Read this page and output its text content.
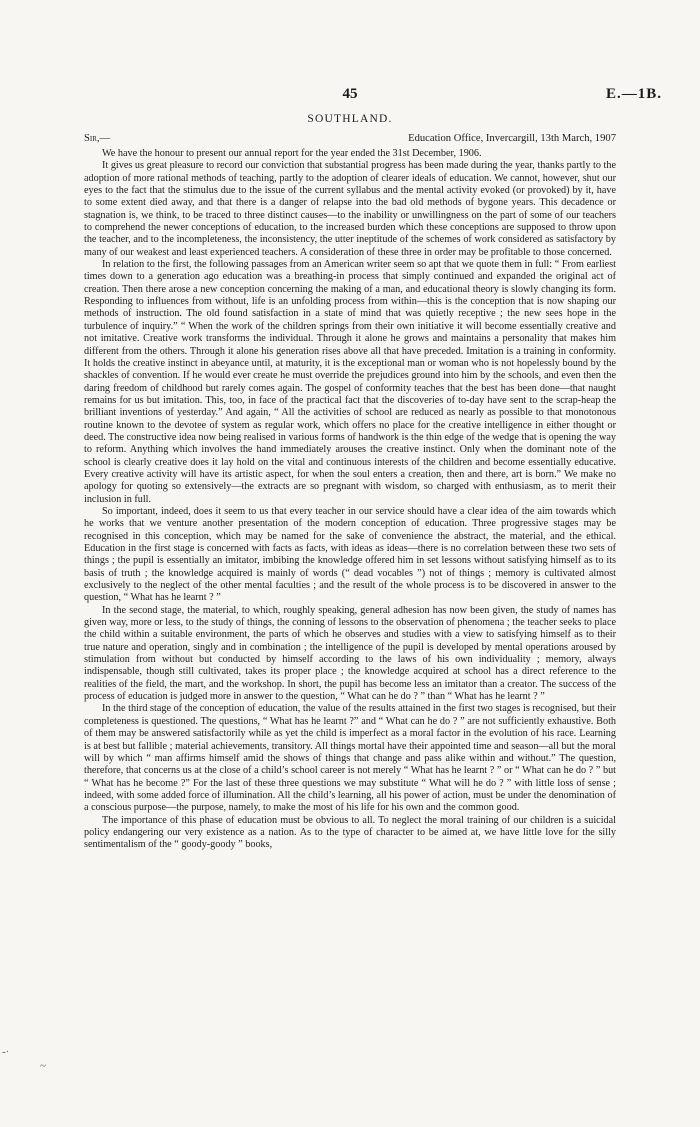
45	E.—1B.
SOUTHLAND.
Sir,—	Education Office, Invercargill, 13th March, 1907

We have the honour to present our annual report for the year ended the 31st December, 1906.

It gives us great pleasure to record our conviction that substantial progress has been made during the year, thanks partly to the adoption of more rational methods of teaching, partly to the adoption of clearer ideals of education. We cannot, however, shut our eyes to the fact that the stimulus due to the issue of the current syllabus and the mental activity evoked (or provoked) by it, have to some extent died away, and that there is a danger of relapse into the bad old methods of bygone years. This decadence or stagnation is, we think, to be traced to three distinct causes—to the inability or unwillingness on the part of some of our teachers to comprehend the newer conceptions of education, to the increased burden which these conceptions are supposed to throw upon the teacher, and to the incompleteness, the inconsistency, the utter ineptitude of the schemes of work considered as satisfactory by many of our weakest and least experienced teachers. A consideration of these three in order may be profitable to those concerned.

In relation to the first, the following passages from an American writer seem so apt that we quote them in full: “ From earliest times down to a generation ago education was a breathing-in process that simply continued and expanded the original act of creation. Then there arose a new conception concerning the making of a man, and educational theory is slowly changing its form. Responding to influences from without, life is an unfolding process from within—this is the conception that is now shaping our methods of instruction. The old found satisfaction in a state of mind that was quietly receptive ; the new sees hope in the turbulence of inquiry.” “ When the work of the children springs from their own initiative it will become essentially creative and not imitative. Creative work transforms the individual. Through it alone he grows and maintains a personality that makes him different from the others. Through it alone his generation rises above all that have preceded. Imitation is a training in conformity. It holds the creative instinct in abeyance until, at maturity, it is the exceptional man or woman who is not hopelessly bound by the shackles of convention. If he would ever create he must override the prejudices ground into him by the schools, and even then the daring freedom of childhood but rarely comes again. The gospel of conformity teaches that the best has been done—that naught remains for us but imitation. This, too, in face of the practical fact that the discoveries of to-day have sent to the scrap-heap the brilliant inventions of yesterday.” And again, “ All the activities of school are reduced as nearly as possible to that monotonous routine known to the devotee of system as regular work, which offers no place for the creative intelligence in either thought or deed. The constructive idea now being realised in various forms of handwork is the thin edge of the wedge that is opening the way to reform. Anything which involves the hand immediately arouses the creative instinct. Only when the dominant note of the school is clearly creative does it lay hold on the vital and continuous interests of the children and become essentially educative. Every creative activity will have its artistic aspect, for when the soul enters a creation, then and there, art is born.” We make no apology for quoting so extensively—the extracts are so pregnant with wisdom, so charged with enthusiasm, as to merit their inclusion in full.

So important, indeed, does it seem to us that every teacher in our service should have a clear idea of the aim towards which he works that we venture another presentation of the modern conception of education. Three progressive stages may be recognised in this conception, which may be named for the sake of convenience the abstract, the material, and the ethical. Education in the first stage is concerned with facts as facts, with ideas as ideas—there is no correlation between these two sets of things ; the pupil is essentially an imitator, imbibing the knowledge offered him in set lessons without satisfying himself as to its basis of truth ; the knowledge acquired is mainly of words (“ dead vocables ”) not of things ; memory is cultivated almost exclusively to the neglect of the other mental faculties ; and the result of the whole process is to be discovered in answer to the question, “ What has he learnt ? ”

In the second stage, the material, to which, roughly speaking, general adhesion has now been given, the study of names has given way, more or less, to the study of things, the conning of lessons to the observation of phenomena ; the teacher seeks to place the child within a suitable environment, the parts of which he observes and studies with a view to satisfying himself as to their true nature and operation, singly and in combination ; the intelligence of the pupil is developed by mental operations aroused by stimulation from without but conducted by himself according to the laws of his own individuality ; memory, always indispensable, though still cultivated, takes its proper place ; the knowledge acquired at school has a direct reference to the realities of the field, the mart, and the workshop. In short, the pupil has become less an imitator than a creator. The success of the process of education is judged more in answer to the question, “ What can he do ? ” than “ What has he learnt ? ”

In the third stage of the conception of education, the value of the results attained in the first two stages is recognised, but their completeness is questioned. The questions, “ What has he learnt ?” and “ What can he do ? ” are not sufficiently exhaustive. Both of them may be answered satisfactorily while as yet the child is imperfect as a moral factor in the evolution of his race. Learning is at best but fallible ; material achievements, transitory. All things mortal have their appointed time and season—all but the moral will by which “ man affirms himself amid the shows of things that change and pass alike within and without.” The question, therefore, that concerns us at the close of a child’s school career is not merely “ What has he learnt ? ” or “ What can he do ? ” but “ What has he become ?” For the last of these three questions we may substitute “ What will he do ? ” with little loss of sense ; indeed, with some added force of illumination. All the child’s learning, all his power of action, must be under the denomination of a conscious purpose—the purpose, namely, to make the most of his life for his own and the common good.

The importance of this phase of education must be obvious to all. To neglect the moral training of our children is a suicidal policy endangering our very existence as a nation. As to the type of character to be aimed at, we have little love for the silly sentimentalism of the “ goody-goody ” books,

-·
~
